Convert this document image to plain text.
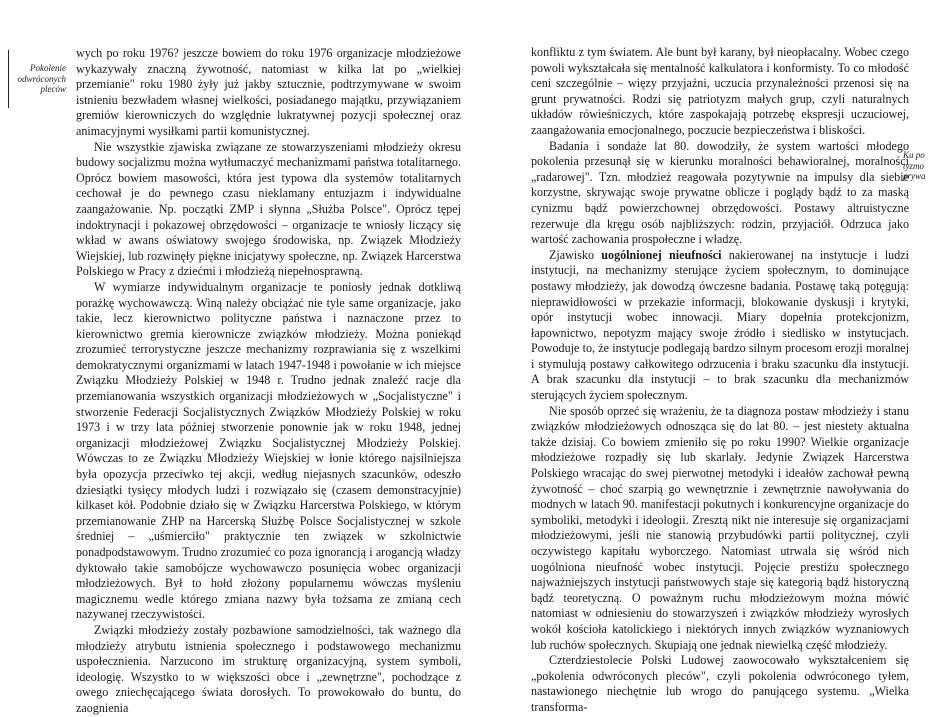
Pokolenie odwróconych pleców

wych po roku 1976? jeszcze bowiem do roku 1976 organizacje młodzieżowe wykazywały znaczną żywotność, natomiast w kilka lat po „wielkiej przemianie" roku 1980 żyły już jakby sztucznie, podtrzymywane w swoim istnieniu bezwładem własnej wielkości, posiadanego majątku, przywiązaniem gremiów kierowniczych do względnie lukratywnej pozycji społecznej oraz animacyjnymi wysiłkami partii komunistycznej.

Nie wszystkie zjawiska związane ze stowarzyszeniami młodzieży okresu budowy socjalizmu można wytłumaczyć mechanizmami państwa totalitarnego. Oprócz bowiem masowości, która jest typowa dla systemów totalitarnych cechował je do pewnego czasu nieklamany entuzjazm i indywidualne zaangażowanie. Np. początki ZMP i słynna „Służba Polsce". Oprócz tępej indoktrynacji i pokazowej obrzędowości – organizacje te wniosły liczący się wkład w awans oświatowy swojego środowiska, np. Związek Młodzieży Wiejskiej, lub rozwinęły piękne inicjatywy społeczne, np. Związek Harcerstwa Polskiego w Pracy z dziećmi i młodzieżą niepełnosprawną.

W wymiarze indywidualnym organizacje te poniosły jednak dotkliwą porażkę wychowawczą. Winą należy obciążać nie tyle same organizacje, jako takie, lecz kierownictwo polityczne państwa i naznaczone przez to kierownictwo gremia kierownicze związków młodzieży. Można poniekąd zrozumieć terrorystyczne jeszcze mechanizmy rozprawiania się z wszelkimi demokratycznymi organizmami w latach 1947-1948 i powołanie w ich miejsce Związku Młodzieży Polskiej w 1948 r. Trudno jednak znaleźć racje dla przemianowania wszystkich organizacji młodzieżowych w „Socjalistyczne" i stworzenie Federacji Socjalistycznych Związków Młodzieży Polskiej w roku 1973 i w trzy lata później stworzenie ponownie jak w roku 1948, jednej organizacji młodzieżowej Związku Socjalistycznej Młodzieży Polskiej. Wówczas to ze Związku Młodzieży Wiejskiej w łonie którego najsilniejsza była opozycja przeciwko tej akcji, według niejasnych szacunków, odeszło dziesiątki tysięcy młodych ludzi i rozwiązało się (czasem demonstracyjnie) kilkaset kół. Podobnie działo się w Związku Harcerstwa Polskiego, w którym przemianowanie ZHP na Harcerską Służbę Polsce Socjalistycznej w szkole średniej – „uśmierciło" praktycznie ten związek w szkolnictwie ponadpodstawowym. Trudno zrozumieć co poza ignorancją i arogancją władzy dyktowało takie samobójcze wychowawczo posunięcia wobec organizacji młodzieżowych. Był to hołd złożony popularnemu wówczas myśleniu magicznemu wedle którego zmiana nazwy była tożsama ze zmianą cech nazywanej rzeczywistości.

Związki młodzieży zostały pozbawione samodzielności, tak ważnego dla młodzieży atrybutu istnienia społecznego i podstawowego mechanizmu uspołecznienia. Narzucono im strukturę organizacyjną, system symboli, ideologię. Wszystko to w większości obce i „zewnętrzne", pochodzące z owego zniechęcającego świata dorosłych. To prowokowało do buntu, do zaognienia

konfliktu z tym światem. Ale bunt był karany, był nieopłacalny. Wobec czego powoli wykształcała się mentalność kalkulatora i konformisty. To co młodość ceni szczególnie – więzy przyjaźni, uczucia przynależności przenosi się na grunt prywatności. Rodzi się patriotyzm małych grup, czyli naturalnych układów rówieśniczych, które zaspokajają potrzebę ekspresji uczuciowej, zaangażowania emocjonalnego, poczucie bezpieczeństwa i bliskości.

Badania i sondaże lat 80. dowodziły, że system wartości młodego pokolenia przesunął się w kierunku moralności behawioralnej, moralności „radarowej". Tzn. młodzież reagowała pozytywnie na impulsy dla siebie korzystne, skrywając swoje prywatne oblicze i poglądy bądź to za maską cynizmu bądź powierzchownej obrzędowości. Postawy altruistyczne rezerwuje dla kręgu osób najbliższych: rodzin, przyjaciół. Odrzuca jako wartość zachowania prospołeczne i władzę.

Zjawisko uogólnionej nieufności nakierowanej na instytucje i ludzi instytucji, na mechanizmy sterujące życiem społecznym, to dominujące postawy młodzieży, jak dowodzą ówczesne badania. Postawę taką potęgują: nieprawidłowości w przekazie informacji, blokowanie dyskusji i krytyki, opór instytucji wobec innowacji. Miary dopełnia protekcjonizm, łapownictwo, nepotyzm mający swoje źródło i siedlisko w instytucjach. Powoduje to, że instytucje podlegają bardzo silnym procesom erozji moralnej i stymulują postawy całkowitego odrzucenia i braku szacunku dla instytucji. A brak szacunku dla instytucji – to brak szacunku dla mechanizmów sterujących życiem społecznym.

Nie sposób oprzeć się wrażeniu, że ta diagnoza postaw młodzieży i stanu związków młodzieżowych odnosząca się do lat 80. – jest niestety aktualna także dzisiaj. Co bowiem zmieniło się po roku 1990? Wielkie organizacje młodzieżowe rozpadły się lub skarlały. Jedynie Związek Harcerstwa Polskiego wracając do swej pierwotnej metodyki i ideałów zachował pewną żywotność – choć szarpią go wewnętrznie i zewnętrznie nawoływania do modnych w latach 90. manifestacji pokutnych i konkurencyjne organizacje do symboliki, metodyki i ideologii. Zresztą nikt nie interesuje się organizacjami młodzieżowymi, jeśli nie stanowią przybudówki partii politycznej, czyli oczywistego kapitału wyborczego. Natomiast utrwala się wśród nich uogólniona nieufność wobec instytucji. Pojęcie prestiżu społecznego najważniejszych instytucji państwowych staje się kategorią bądź historyczną bądź teoretyczną. O poważnym ruchu młodzieżowym można mówić natomiast w odniesieniu do stowarzyszeń i związków młodzieży wyrosłych wokół kościoła katolickiego i niektórych innych związków wyznaniowych lub ruchów społecznych. Skupiają one jednak niewielką część młodzieży.

Czterdziestolecie Polski Ludowej zaowocowało wykształceniem się „pokolenia odwróconych pleców", czyli pokolenia odwróconego tyłem, nastawionego niechętnie lub wrogo do panującego systemu. „Wielka transforma-

Ku po tyzmo prywa
